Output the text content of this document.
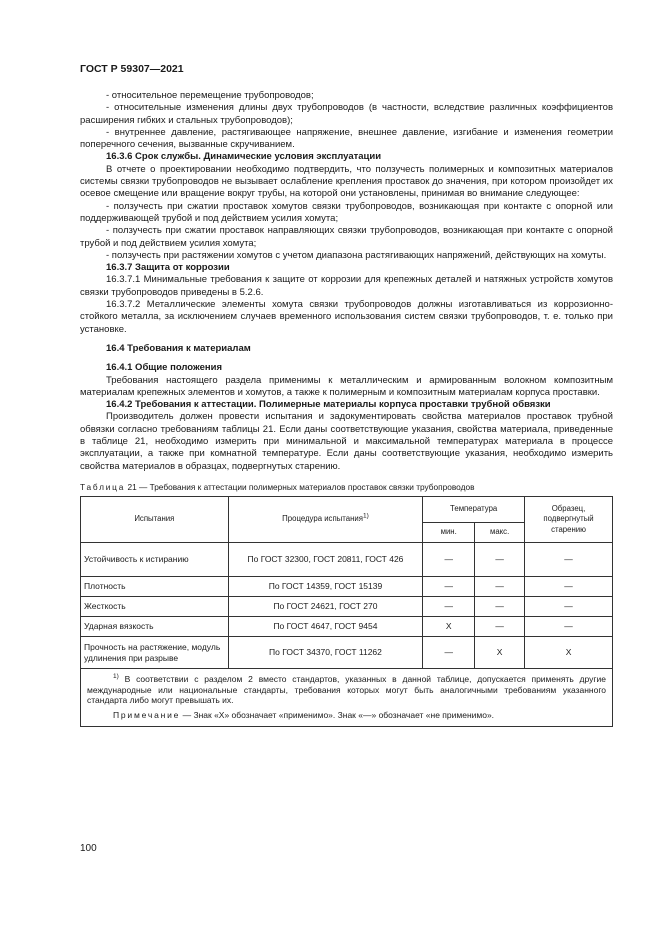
ГОСТ Р 59307—2021

- относительное перемещение трубопроводов;

- относительные изменения длины двух трубопроводов (в частности, вследствие различных коэффициентов расширения гибких и стальных трубопроводов);

- внутреннее давление, растягивающее напряжение, внешнее давление, изгибание и изменения геометрии поперечного сечения, вызванные скручиванием.

16.3.6 Срок службы. Динамические условия эксплуатации

В отчете о проектировании необходимо подтвердить, что ползучесть полимерных и композитных материалов системы связки трубопроводов не вызывает ослабление крепления проставок до значения, при котором произойдет их осевое смещение или вращение вокруг трубы, на которой они установлены, принимая во внимание следующее:

- ползучесть при сжатии проставок хомутов связки трубопроводов, возникающая при контакте с опорной или поддерживающей трубой и под действием усилия хомута;

- ползучесть при сжатии проставок направляющих связки трубопроводов, возникающая при контакте с опорной трубой и под действием усилия хомута;

- ползучесть при растяжении хомутов с учетом диапазона растягивающих напряжений, действующих на хомуты.

16.3.7 Защита от коррозии

16.3.7.1 Минимальные требования к защите от коррозии для крепежных деталей и натяжных устройств хомутов связки трубопроводов приведены в 5.2.6.

16.3.7.2 Металлические элементы хомута связки трубопроводов должны изготавливаться из коррозионно-стойкого металла, за исключением случаев временного использования систем связки трубопроводов, т. е. только при установке.

16.4 Требования к материалам

16.4.1 Общие положения

Требования настоящего раздела применимы к металлическим и армированным волокном композитным материалам крепежных элементов и хомутов, а также к полимерным и композитным материалам корпуса проставки.

16.4.2 Требования к аттестации. Полимерные материалы корпуса проставки трубной обвязки

Производитель должен провести испытания и задокументировать свойства материалов проставок трубной обвязки согласно требованиям таблицы 21. Если даны соответствующие указания, свойства материала, приведенные в таблице 21, необходимо измерить при минимальной и максимальной температурах материала в процессе эксплуатации, а также при комнатной температуре. Если даны соответствующие указания, необходимо измерить свойства материалов в образцах, подвергнутых старению.

Таблица 21 — Требования к аттестации полимерных материалов проставок связки трубопроводов
Испытания	Процедура испытания$^{1)}$	Температура		Образец, подвергнутый старению
		мин.	макс.	
Устойчивость к истиранию	По ГОСТ 32300, ГОСТ 20811, ГОСТ 426	—	—	—
Плотность	По ГОСТ 14359, ГОСТ 15139	—	—	—
Жесткость	По ГОСТ 24621, ГОСТ 270	—	—	—
Ударная вязкость	По ГОСТ 4647, ГОСТ 9454	X	—	—
Прочность на растяжение, модуль удлинения при разрыве	По ГОСТ 34370, ГОСТ 11262	—	X	X

$^{1)}$ В соответствии с разделом 2 вместо стандартов, указанных в данной таблице, допускается применять другие международные или национальные стандарты, требования которых могут быть аналогичными требованиям указанного стандарта либо могут превышать их.

Примечание — Знак «X» обозначает «применимо». Знак «—» обозначает «не применимо».				

100
